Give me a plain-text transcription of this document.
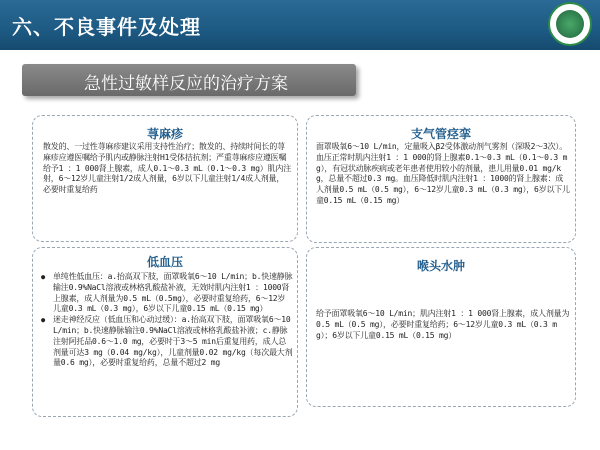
六、不良事件及处理
急性过敏样反应的治疗方案
荨麻疹
散发的、一过性荨麻疹建议采用支持性治疗；散发的、持续时间长的荨麻疹应遵医嘱给予肌内或静脉注射H1受体拮抗剂；严重荨麻疹应遵医嘱给予1 ：1 000肾上腺素，成人0.1～0.3 mL（0.1～0.3 mg）肌内注射，6～12岁儿童注射1/2成人剂量，6岁以下儿童注射1/4成人剂量，必要时重复给药
支气管痉挛
面罩吸氧6～10 L/min，定量吸入β2受体激动剂气雾剂（深吸2～3次）。血压正常时肌内注射1 ：1 000的肾上腺素0.1～0.3 mL（0.1～0.3 mg），有冠状动脉疾病或老年患者使用较小的剂量，患儿用量0.01 mg/kg，总量不超过0.3 mg。血压降低时肌内注射1 ：1000的肾上腺素：成人剂量0.5 mL（0.5 mg），6～12岁儿童0.3 mL（0.3 mg），6岁以下儿童0.15 mL（0.15 mg）
低血压
● 单纯性低血压：a.抬高双下肢，面罩吸氧6～10 L/min；b.快速静脉输注0.9%NaCl溶液或林格乳酸盐补液，无效时肌内注射1 ：1000肾上腺素，成人剂量为0.5 mL（0.5mg），必要时重复给药，6～12岁儿童0.3 mL（0.3 mg），6岁以下儿童0.15 mL（0.15 mg）
● 迷走神经反应（低血压和心动过缓）：a.抬高双下肢，面罩吸氧6～10 L/min；b.快速静脉输注0.9%NaCl溶液或林格乳酸盐补液；c.静脉注射阿托品0.6～1.0 mg，必要时于3～5 min后重复用药，成人总剂量可达3 mg（0.04 mg/kg），儿童剂量0.02 mg/kg（每次最大剂量0.6 mg），必要时重复给药，总量不超过2 mg
喉头水肿
给予面罩吸氧6～10 L/min；肌内注射1 ：1 000肾上腺素，成人剂量为0.5 mL（0.5 mg），必要时重复给药；6～12岁儿童0.3 mL（0.3 mg）；6岁以下儿童0.15 mL（0.15 mg）
